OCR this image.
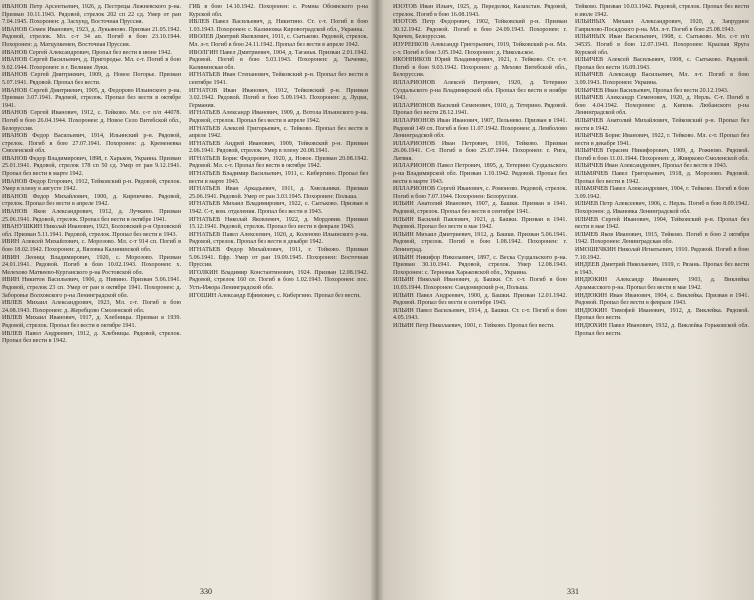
ИВАНОВ Петр Арсентьевич, 1926, д. Пестрецы Лежневского р-на. Призван 10.11.1943. Рядовой, стрелок 202 сп 22 сд. Умер от ран 7.04.1945. Похоронен: д. Засхунд, Восточная Пруссия.

ИВАНОВ Семен Иванович, 1923, д. Лукьяново. Призван 21.05.1942. Рядовой, стрелок. Мл. с-т 34 ап. Погиб в бою 23.10.1944. Похоронен: д. Матцулкемен, Восточная Пруссия.

ИВАНОВ Сергей Александрович, Пропал без вести в июне 1942.

ИВАНОВ Сергей Васильевич, д. Пригородье. Мл. с-т. Погиб в бою 9.02.1944. Похоронен: в г. Великие Луки.

ИВАНОВ Сергей Дмитриевич, 1909, д. Новое Погорье. Призван 5.07.1941. Рядовой. Пропал без вести.

ИВАНОВ Сергей Дмитриевич, 1905, д. Федорово Ильинского р-на. Призван 3.07.1941. Рядовой, стрелок. Пропал без вести в октябре 1941.

ИВАНОВ Сергей Иванович, 1912, с. Тейково. Мл. с-т п/п 44078. Погиб в бою 26.04.1944. Похоронен: д. Новое Село Витебской обл., Белоруссия.

ИВАНОВ Федор Васильевич, 1914, Ильинский р-н. Рядовой, стрелок. Погиб в бою 27.07.1941. Похоронен: д. Кременевка Смоленской обл.

ИВАНОВ Федор Владимирович, 1898, г. Харьков, Украина. Призван 25.01.1941. Рядовой, стрелок 178 сп 50 сд. Умер от ран 9.12.1941. Пропал без вести в марте 1942.

ИВАНОВ Федор Егорович, 1912, Тейковский р-н. Рядовой, стрелок. Умер в плену в августе 1942.

ИВАНОВ Федор Михайлович, 1900, д. Кирпичево. Рядовой, стрелок. Пропал без вести в апреле 1942.

ИВАНОВ Яков Александрович, 1912, д. Лучкино. Призван 25.06.1941. Рядовой, стрелок. Пропал без вести в октябре 1941.

ИВАНУШКИН Николай Иванович, 1923, Болховский р-н Орловской обл. Призван 5.11.1941. Рядовой, стрелок. Пропал без вести в 1943.

ИВИН Алексей Михайлович, с. Морозово. Мл. с-т 914 сп. Погиб в бою 18.02.1942. Похоронен: д. Вязовка Калининской обл.

ИВИН Леонид Владимирович, 1920, с. Морозово. Призван 24.01.1941. Рядовой. Погиб в бою 10.02.1943. Похоронен: х. Мелехово Матвеево-Курганского р-на Ростовской обл.

ИВИН Никитон Васильевич, 1906, д. Нивино. Призван 5.06.1941. Рядовой, стрелок 23 сп. Умер от ран в октябре 1941. Похоронен: д. Заборовье Волховского р-на Ленинградской обл.

ИВЛЕВ Михаил Александрович, 1923, Мл. с-т. Погиб в бою 24.08.1943. Похоронен: д. Жеребцово Смоленской обл.

ИВЛЕВ Михаил Иванович, 1917, д. Хлебницы. Призван в 1939. Рядовой, стрелок. Пропал без вести в октябре 1941.

ИВЛЕВ Павел Андреевич, 1912, д. Хлебницы. Рядовой, стрелок. Пропал без вести в 1942.

ГИБ в бою 14.10.1942. Похоронен: с. Ромны Обоянского р-на Курской обл.

ИВЛЕВ Павел Васильевич, д. Никитино. Ст. с-т. Погиб в бою 1.03.1943. Похоронен: с. Калиновка Кировоградской обл., Украина.

ИВОЛЕВ Дмитрий Яковлевич, 1911, с. Сытьково. Рядовой, стрелок. Мл. л-т. Погиб в бою 24.11.1942. Пропал без вести в апреле 1942.

ИВОЛГИН Павел Дмитриевич, 1904, д. Таганья. Призван 2.01.1942. Рядовой. Погиб в бою 5.03.1943. Похоронен: д. Тыченко, Калининская обл.

ИГНАТЬЕВ Иван Степанович, Тейковский р-н. Пропал без вести в сентябре 1941.

ИГНАТОВ Иван Иванович, 1912, Тейковский р-н. Призван 3.02.1942. Рядовой. Погиб в бою 5.09.1943. Похоронен: д. Луцки, Германия.

ИГНАТЬЕВ Александр Иванович, 1909, д. Вотола Ильинского р-на. Рядовой, стрелок. Пропал без вести в апреле 1942.

ИГНАТЬЕВ Алексей Григорьевич, с. Тейково. Пропал без вести в апреле 1942.

ИГНАТЬЕВ Андрей Иванович, 1909, Тейковский р-н. Призван 2.06.1941. Рядовой, стрелок. Умер в плену 20.08.1941.

ИГНАТЬЕВ Борис Федорович, 1920, д. Новое. Призван 20.08.1942. Рядовой. Мл. с-т. Пропал без вести в октябре 1942.

ИГНАТЬЕВ Владимир Васильевич, 1911, с. Кибергино. Пропал без вести в марте 1943.

ИГНАТЬЕВ Иван Аркадьевич, 1911, д. Хмельники. Призван 25.06.1941. Рядовой. Умер от ран 3.03.1945. Похоронен: Польша.

ИГНАТЬЕВ Михаил Владимирович, 1922, с. Сытьково. Призван в 1942. С-т, ком. отделения. Пропал без вести в 1943.

ИГНАТЬЕВ Николай Яковлевич, 1922, д. Мордовия. Призван 15.12.1941. Рядовой, стрелок. Пропал без вести в феврале 1943.

ИГНАТЬЕВ Павел Алексеевич, 1920, д. Коленово Ильинского р-на. Рядовой, стрелок. Пропал без вести в декабре 1942.

ИГНАТЬЕВ Федор Михайлович, 1911, г. Тейково. Призван 5.06.1941. Ефр. Умер от ран 19.09.1945. Похоронен: Восточная Пруссия.

ИГОЛКИН Владимир Константинович, 1924. Призван 12.08.1942. Рядовой, стрелок 160 сп. Погиб в бою 1.02.1943. Похоронен: пос. Усть-Ижора Ленинградской обл.

ИГОШИН Александр Ефимович, с. Кибергино. Пропал без вести.

330

ИЗОТОВ Иван Ильич, 1925, д. Переделки, Казахстан. Рядовой, стрелок. Погиб в бою 16.08.1943.

ИЗОТОВ Петр Федорович, 1902, Тейковский р-н. Призван 30.12.1942. Рядовой. Погиб в бою 24.09.1943. Похоронен: г. Кричев, Белоруссия.

ИЗУРЕНКОВ Александр Григорьевич, 1919, Тейковский р-н. Мл. с-т. Погиб в бою 3.05.1942. Похоронен: д. Никольское.

ИКОННИКОВ Юрий Владимирович, 1921, г. Тейково. Ст. с-т. Погиб в бою 9.03.1942. Похоронен: д. Мехово Витебской обл., Белоруссия.

ИЛЛАРИОНОВ Алексей Петрович, 1920, д. Тетерино Суздальского р-на Владимирской обл. Пропал без вести в ноябре 1943.

ИЛЛАРИОНОВ Василий Семенович, 1910, д. Тетерино. Рядовой. Пропал без вести 28.12.1941.

ИЛЛАРИОНОВ Иван Иванович, 1907, Пельнево. Призван в 1941. Рядовой 149 сп. Погиб в бою 11.07.1942. Похоронен: д. Лемболово Ленинградской обл.

ИЛЛАРИОНОВ Иван Петрович, 1916, Тейково. Призван 26.06.1941. С-т. Погиб в бою 25.07.1944. Похоронен: г. Рига, Латвия.

ИЛЛАРИОНОВ Павел Петрович, 1895, д. Тетерино Суздальского р-на Владимирской обл. Призван 1.10.1942. Рядовой. Пропал без вести в марте 1943.

ИЛЛАРИОНОВ Сергей Иванович, с. Ромоново. Рядовой, стрелок. Погиб в бою 7.07.1944. Похоронен: Белоруссия.

ИЛЬИН Анатолий Иванович, 1907, д. Башки. Призван в 1941. Рядовой, стрелок. Пропал без вести в сентябре 1941.

ИЛЬИН Василий Павлович, 1921, д. Башки. Призван в 1941. Рядовой. Пропал без вести в мае 1942.

ИЛЬИН Михаил Дмитриевич, 1912, д. Башки. Призван 5.06.1941. Рядовой, стрелок. Погиб в бою 1.08.1942. Похоронен: г. Ленинград.

ИЛЬИН Никифор Николаевич, 1897, с. Веска Суздальского р-на. Призван 30.10.1941. Рядовой, стрелок. Умер 12.08.1943. Похоронен: с. Терновая Харьковской обл., Украина.

ИЛЬИН Николай Иванович, д. Башки. Ст. с-т. Погиб в бою 10.03.1944. Похоронен: Сандомирский р-н, Польша.

ИЛЬИН Павел Андреевич, 1900, д. Башки. Призван 12.01.1942. Рядовой. Пропал без вести в сентябре 1943.

ИЛЬИН Павел Васильевич, 1914, д. Башки. Ст. с-т. Погиб в бою 4.05.1943.

ИЛЬИН Петр Николаевич, 1901, г. Тейково. Пропал без вести.

Тейково. Призван 10.03.1942. Рядовой, стрелок. Пропал без вести в июле 1942.

ИЛЬИНЫХ Михаил Александрович, 1920, д. Запрудное Гаврилово-Посадского р-на. Мл. л-т. Погиб в бою 25.08.1943.

ИЛЬИНЫХ Иван Васильевич, 1908, с. Сытьково. Мл. с-т п/п 34535. Погиб в бою 12.07.1943. Похоронен: Красная Яруга Курской обл.

ИЛЬИЧЕВ Алексей Васильевич, 1908, с. Сытьково. Рядовой. Пропал без вести 16.09.1943.

ИЛЬИЧЕВ Александр Васильевич, Мл. л-т. Погиб в бою 3.09.1943. Похоронен: Украина.

ИЛЬИЧЕВ Иван Васильевич, Пропал без вести 20.12.1943.

ИЛЬИЧЕВ Александр Семенович, 1920, д. Нерль. С-т. Погиб в бою 4.04.1942. Похоронен: д. Кипень Любанского р-на Ленинградской обл.

ИЛЬИЧЕВ Анатолий Михайлович, Тейковский р-н. Пропал без вести в 1942.

ИЛЬИЧЕВ Борис Иванович, 1922, г. Тейково. Мл. с-т. Пропал без вести в декабре 1941.

ИЛЬИЧЕВ Герасим Никифорович, 1909, д. Рожново. Рядовой. Погиб в бою 11.01.1944. Похоронен: д. Жвирково Смоленской обл.

ИЛЬИЧЕВ Иван Александрович, Пропал без вести в 1943.

ИЛЬМЯЧЕВ Павел Григорьевич, 1918, д. Морозово. Рядовой. Пропал без вести в 1942.

ИЛЬМЯЧЕВ Павел Александрович, 1904, г. Тейково. Погиб в бою 3.09.1942.

ИЛЬЧЕВ Петр Алексеевич, 1906, с. Нерль. Погиб в бою 8.09.1942. Похоронен: д. Ивановка Ленинградской обл.

ИЛЬЧЕВ Сергей Иванович, 1904, Тейковский р-н. Пропал без вести в мае 1942.

ИЛЬЧЕВ Яков Иванович, 1915, Тейково. Погиб в бою 2 октября 1942. Похоронен: Ленинградская обл.

ИМОШЕЧКИН Николай Игнатьевич, 1910. Рядовой. Погиб в бою 7.10.1942.

ИНДЕЕВ Дмитрий Николаевич, 1919, г. Рязань. Пропал без вести в 1943.

ИНДЮКИН Александр Иванович, 1903, д. Виклейка Арзамасского р-на. Пропал без вести в мае 1942.

ИНДЮКИН Иван Иванович, 1904, с. Виклейка. Призван в 1941. Рядовой. Пропал без вести в феврале 1943.

ИНДЮКИН Тимофей Иванович, 1912, д. Виклейка. Рядовой. Пропал без вести.

ИНДЮХИН Павел Иванович, 1932, д. Виклейка Горьковской обл. Пропал без вести.

331
